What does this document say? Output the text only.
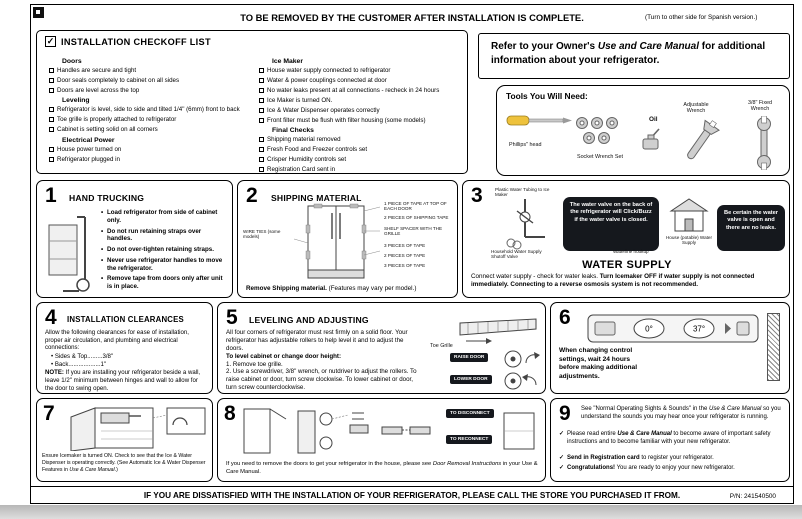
TO BE REMOVED BY THE CUSTOMER AFTER INSTALLATION IS COMPLETE.	(Turn to other side for Spanish version.)
✓ INSTALLATION CHECKOFF LIST
Doors
Handles are secure and tight
Door seals completely to cabinet on all sides
Doors are level across the top
Leveling
Refrigerator is level, side to side and tilted 1/4" (6mm) front to back
Toe grille is properly attached to refrigerator
Cabinet is setting solid on all corners
Electrical Power
House power turned on
Refrigerator plugged in
Ice Maker
House water supply connected to refrigerator
Water & power couplings connected at door
No water leaks present at all connections - recheck in 24 hours
Ice Maker is turned ON.
Ice & Water Dispenser operates correctly
Front filter must be flush with filter housing (some models)
Final Checks
Shipping material removed
Fresh Food and Freezer controls set
Crisper Humidity controls set
Registration Card sent in
Refer to your Owner's Use and Care Manual for additional information about your refrigerator.
Tools You Will Need:
Phillips" head
Socket Wrench Set
Oil
Adjustable Wrench
3/8" Fixed Wrench
1 HAND TRUCKING
• Load refrigerator from side of cabinet only.
• Do not run retaining straps over handles.
• Do not over-tighten retaining straps.
• Never use refrigerator handles to move the refrigerator.
• Remove tape from doors only after unit is in place.
2 SHIPPING MATERIAL
1 PIECE OF TAPE AT TOP OF EACH DOOR
2 PIECES OF SHIPPING TAPE
SHELF SPACER WITH THE GRILLE
3 PIECES OF TAPE
2 PIECES OF TAPE
3 PIECES OF TAPE
WIRE TIES (some models)
Remove Shipping material. (Features may vary per model.)
3	Plastic Water Tubing to Ice Maker
Household Water Supply Shutoff Valve
The water valve on the back of the refrigerator will Click/Buzz if the water valve is closed.
House (potable) Water Supply
Be certain the water valve is open and there are no leaks.
Waterline hookup
WATER SUPPLY
Connect water supply - check for water leaks. Turn Icemaker OFF if water supply is not connected immediately. Connecting to a reverse osmosis system is not recommended.
4 INSTALLATION CLEARANCES
Allow the following clearances for ease of installation, proper air circulation, and plumbing and electrical connections:
• Sides & Top.........3/8"
• Back...................1"
NOTE: If you are installing your refrigerator beside a wall, leave 1/2" minimum between hinges and wall to allow for the door to swing open.
5 LEVELING AND ADJUSTING
All four corners of refrigerator must rest firmly on a solid floor. Your refrigerator has adjustable rollers to help level it and to adjust the doors.
To level cabinet or change door height:
1. Remove toe grille.
2. Use a screwdriver, 3/8" wrench, or nutdriver to adjust the rollers. To raise cabinet or door, turn screw clockwise. To lower cabinet or door, turn screw counterclockwise.
Toe Grille
RAISE DOOR
LOWER DOOR
6	0°	37°
When changing control settings, wait 24 hours before making additional adjustments.
7
Ensure Icemaker is turned ON. Check to see that the Ice & Water Dispenser is operating correctly. (See Automatic Ice & Water Dispenser Features in Use & Care Manual.)
8	TO DISCONNECT
TO RECONNECT
If you need to remove the doors to get your refrigerator in the house, please see Door Removal Instructions in your Use & Care Manual.
9 See "Normal Operating Sights & Sounds" in the Use & Care Manual so you understand the sounds you may hear once your refrigerator is running.
✓ Please read entire Use & Care Manual to become aware of important safety instructions and to become familiar with your new refrigerator.
✓ Send in Registration card to register your refrigerator.
✓ Congratulations! You are ready to enjoy your new refrigerator.
IF YOU ARE DISSATISFIED WITH THE INSTALLATION OF YOUR REFRIGERATOR, PLEASE CALL THE STORE YOU PURCHASED IT FROM.	P/N: 241540500
